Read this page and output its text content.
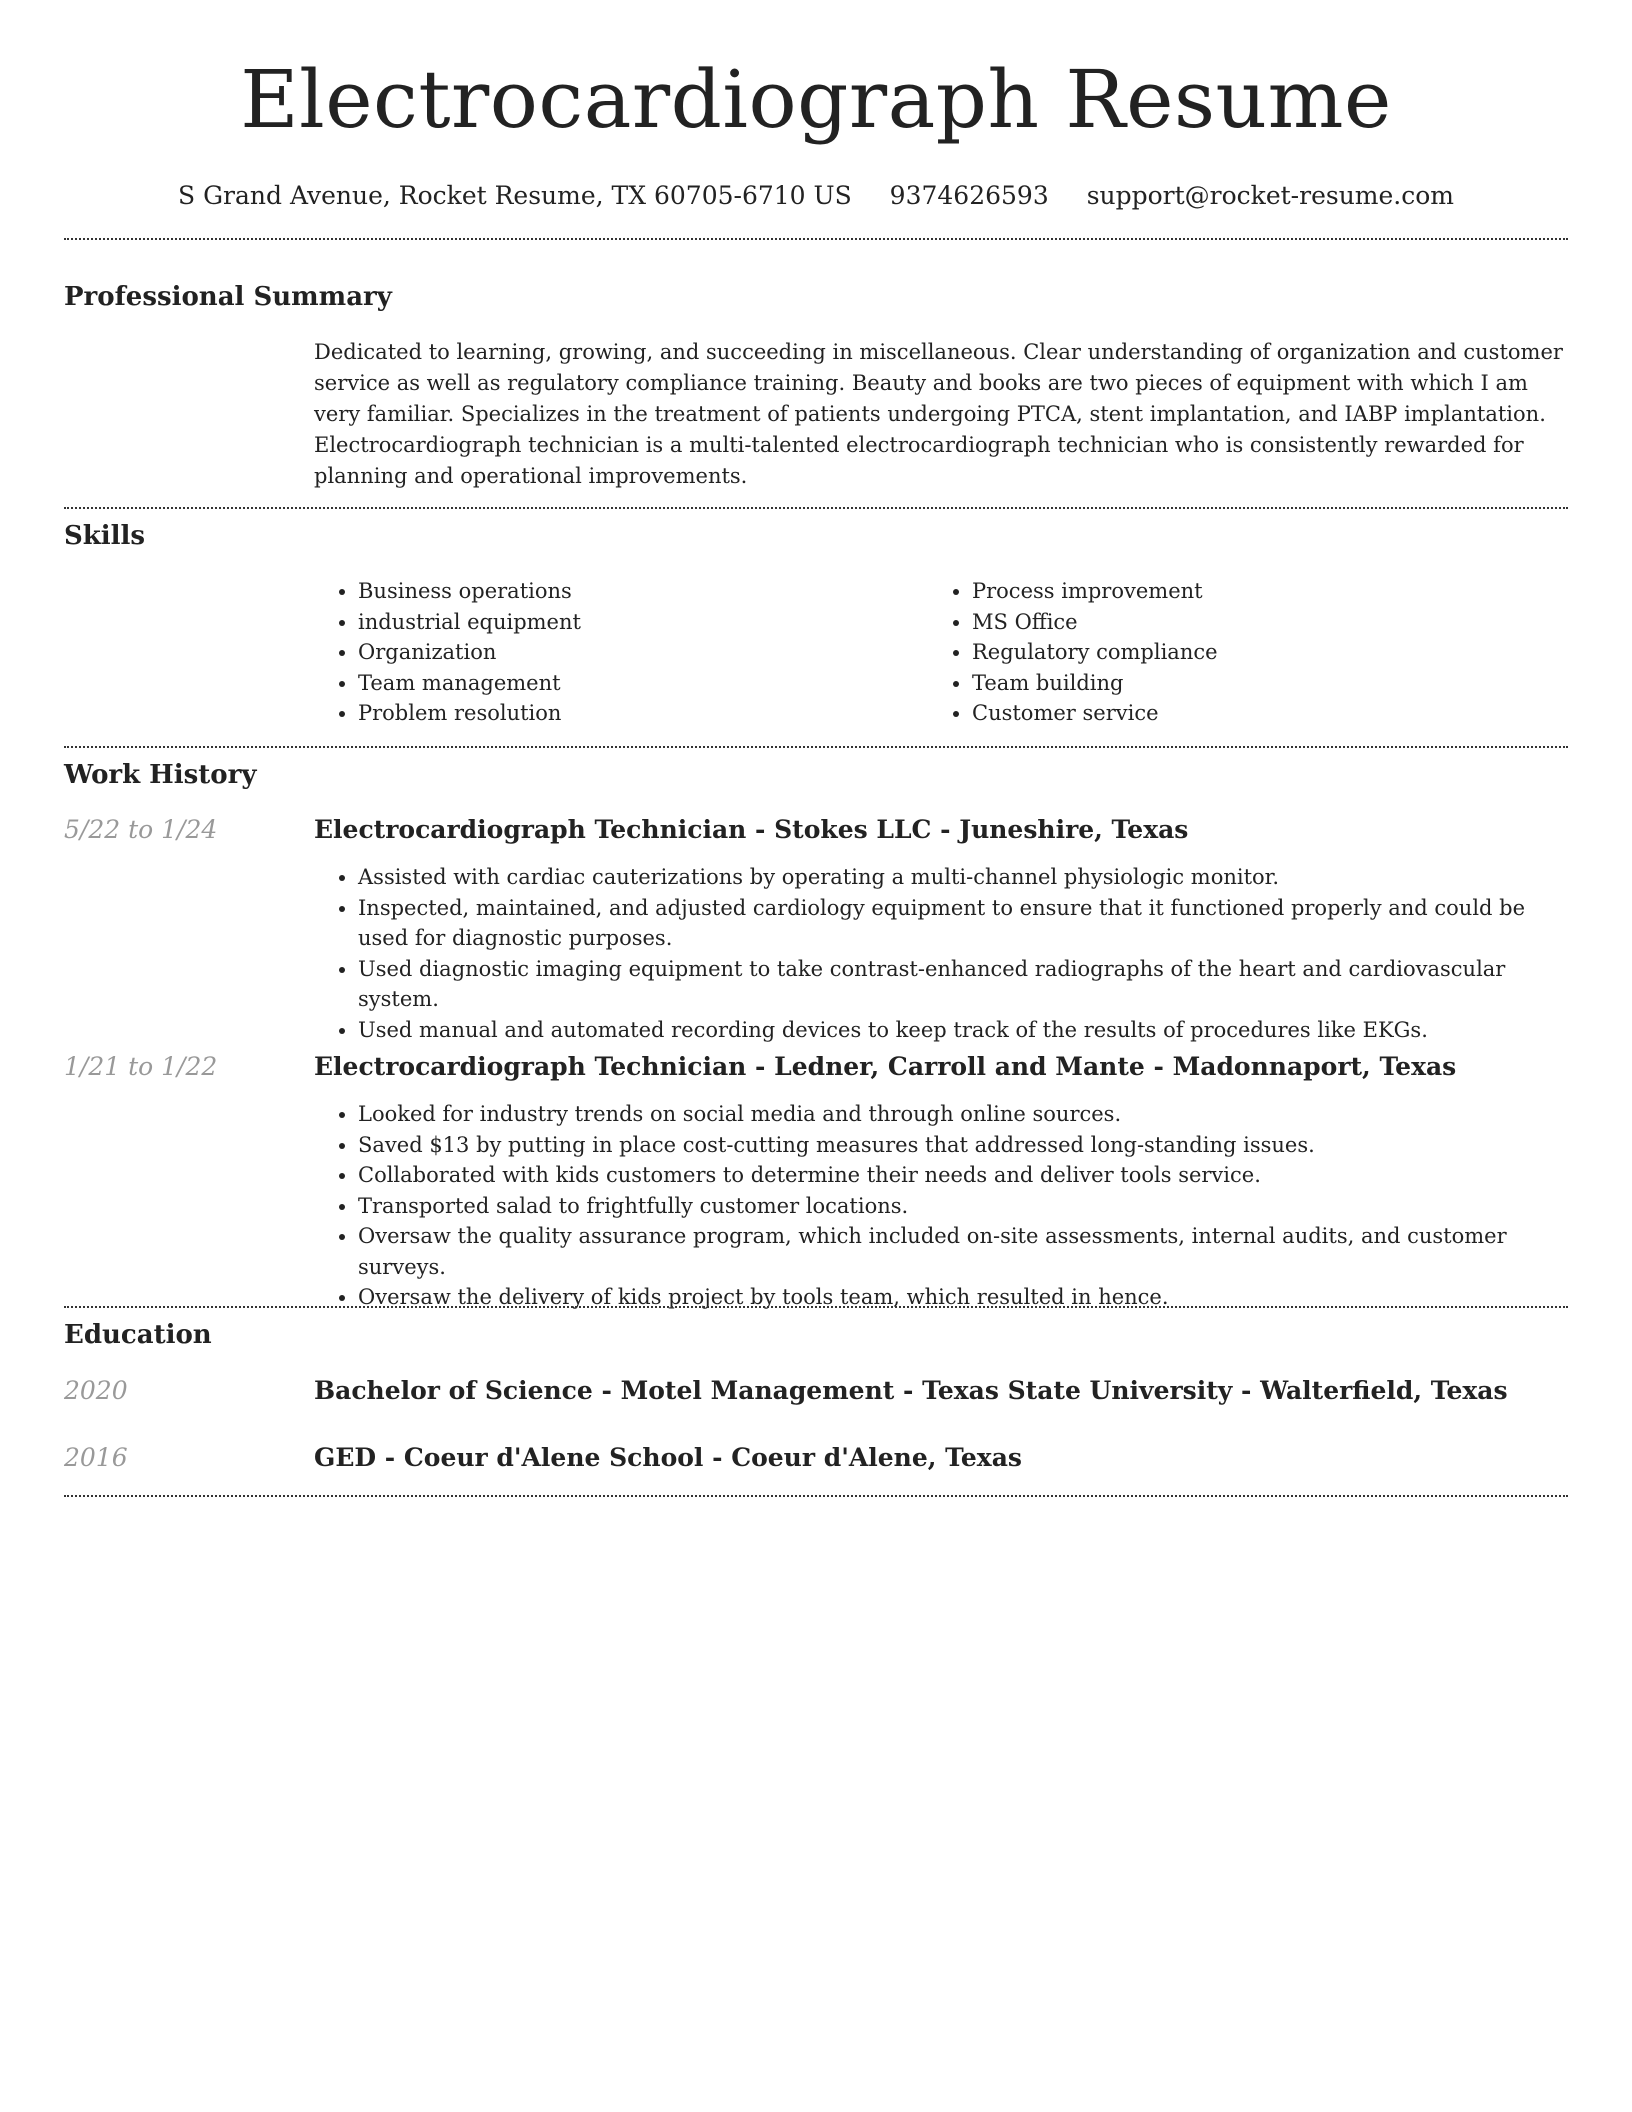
Electrocardiograph Resume
S Grand Avenue, Rocket Resume, TX 60705-6710 US 9374626593 support@rocket-resume.com
Professional Summary

Dedicated to learning, growing, and succeeding in miscellaneous. Clear understanding of organization and customer service as well as regulatory compliance training. Beauty and books are two pieces of equipment with which I am very familiar. Specializes in the treatment of patients undergoing PTCA, stent implantation, and IABP implantation. Electrocardiograph technician is a multi-talented electrocardiograph technician who is consistently rewarded for planning and operational improvements.

Skills
• Business operations
• industrial equipment
• Organization
• Team management
• Problem resolution
• Process improvement
• MS Office
• Regulatory compliance
• Team building
• Customer service
Work History
5/22 to 1/24	Electrocardiograph Technician - Stokes LLC - Juneshire, Texas
• Assisted with cardiac cauterizations by operating a multi-channel physiologic monitor.
• Inspected, maintained, and adjusted cardiology equipment to ensure that it functioned properly and could be used for diagnostic purposes.
• Used diagnostic imaging equipment to take contrast-enhanced radiographs of the heart and cardiovascular system.
• Used manual and automated recording devices to keep track of the results of procedures like EKGs.
1/21 to 1/22	Electrocardiograph Technician - Ledner, Carroll and Mante - Madonnaport, Texas
• Looked for industry trends on social media and through online sources.
• Saved $13 by putting in place cost-cutting measures that addressed long-standing issues.
• Collaborated with kids customers to determine their needs and deliver tools service.
• Transported salad to frightfully customer locations.
• Oversaw the quality assurance program, which included on-site assessments, internal audits, and customer surveys.
• Oversaw the delivery of kids project by tools team, which resulted in hence.
Education
2020	Bachelor of Science - Motel Management - Texas State University - Walterfield, Texas
2016	GED - Coeur d'Alene School - Coeur d'Alene, Texas
